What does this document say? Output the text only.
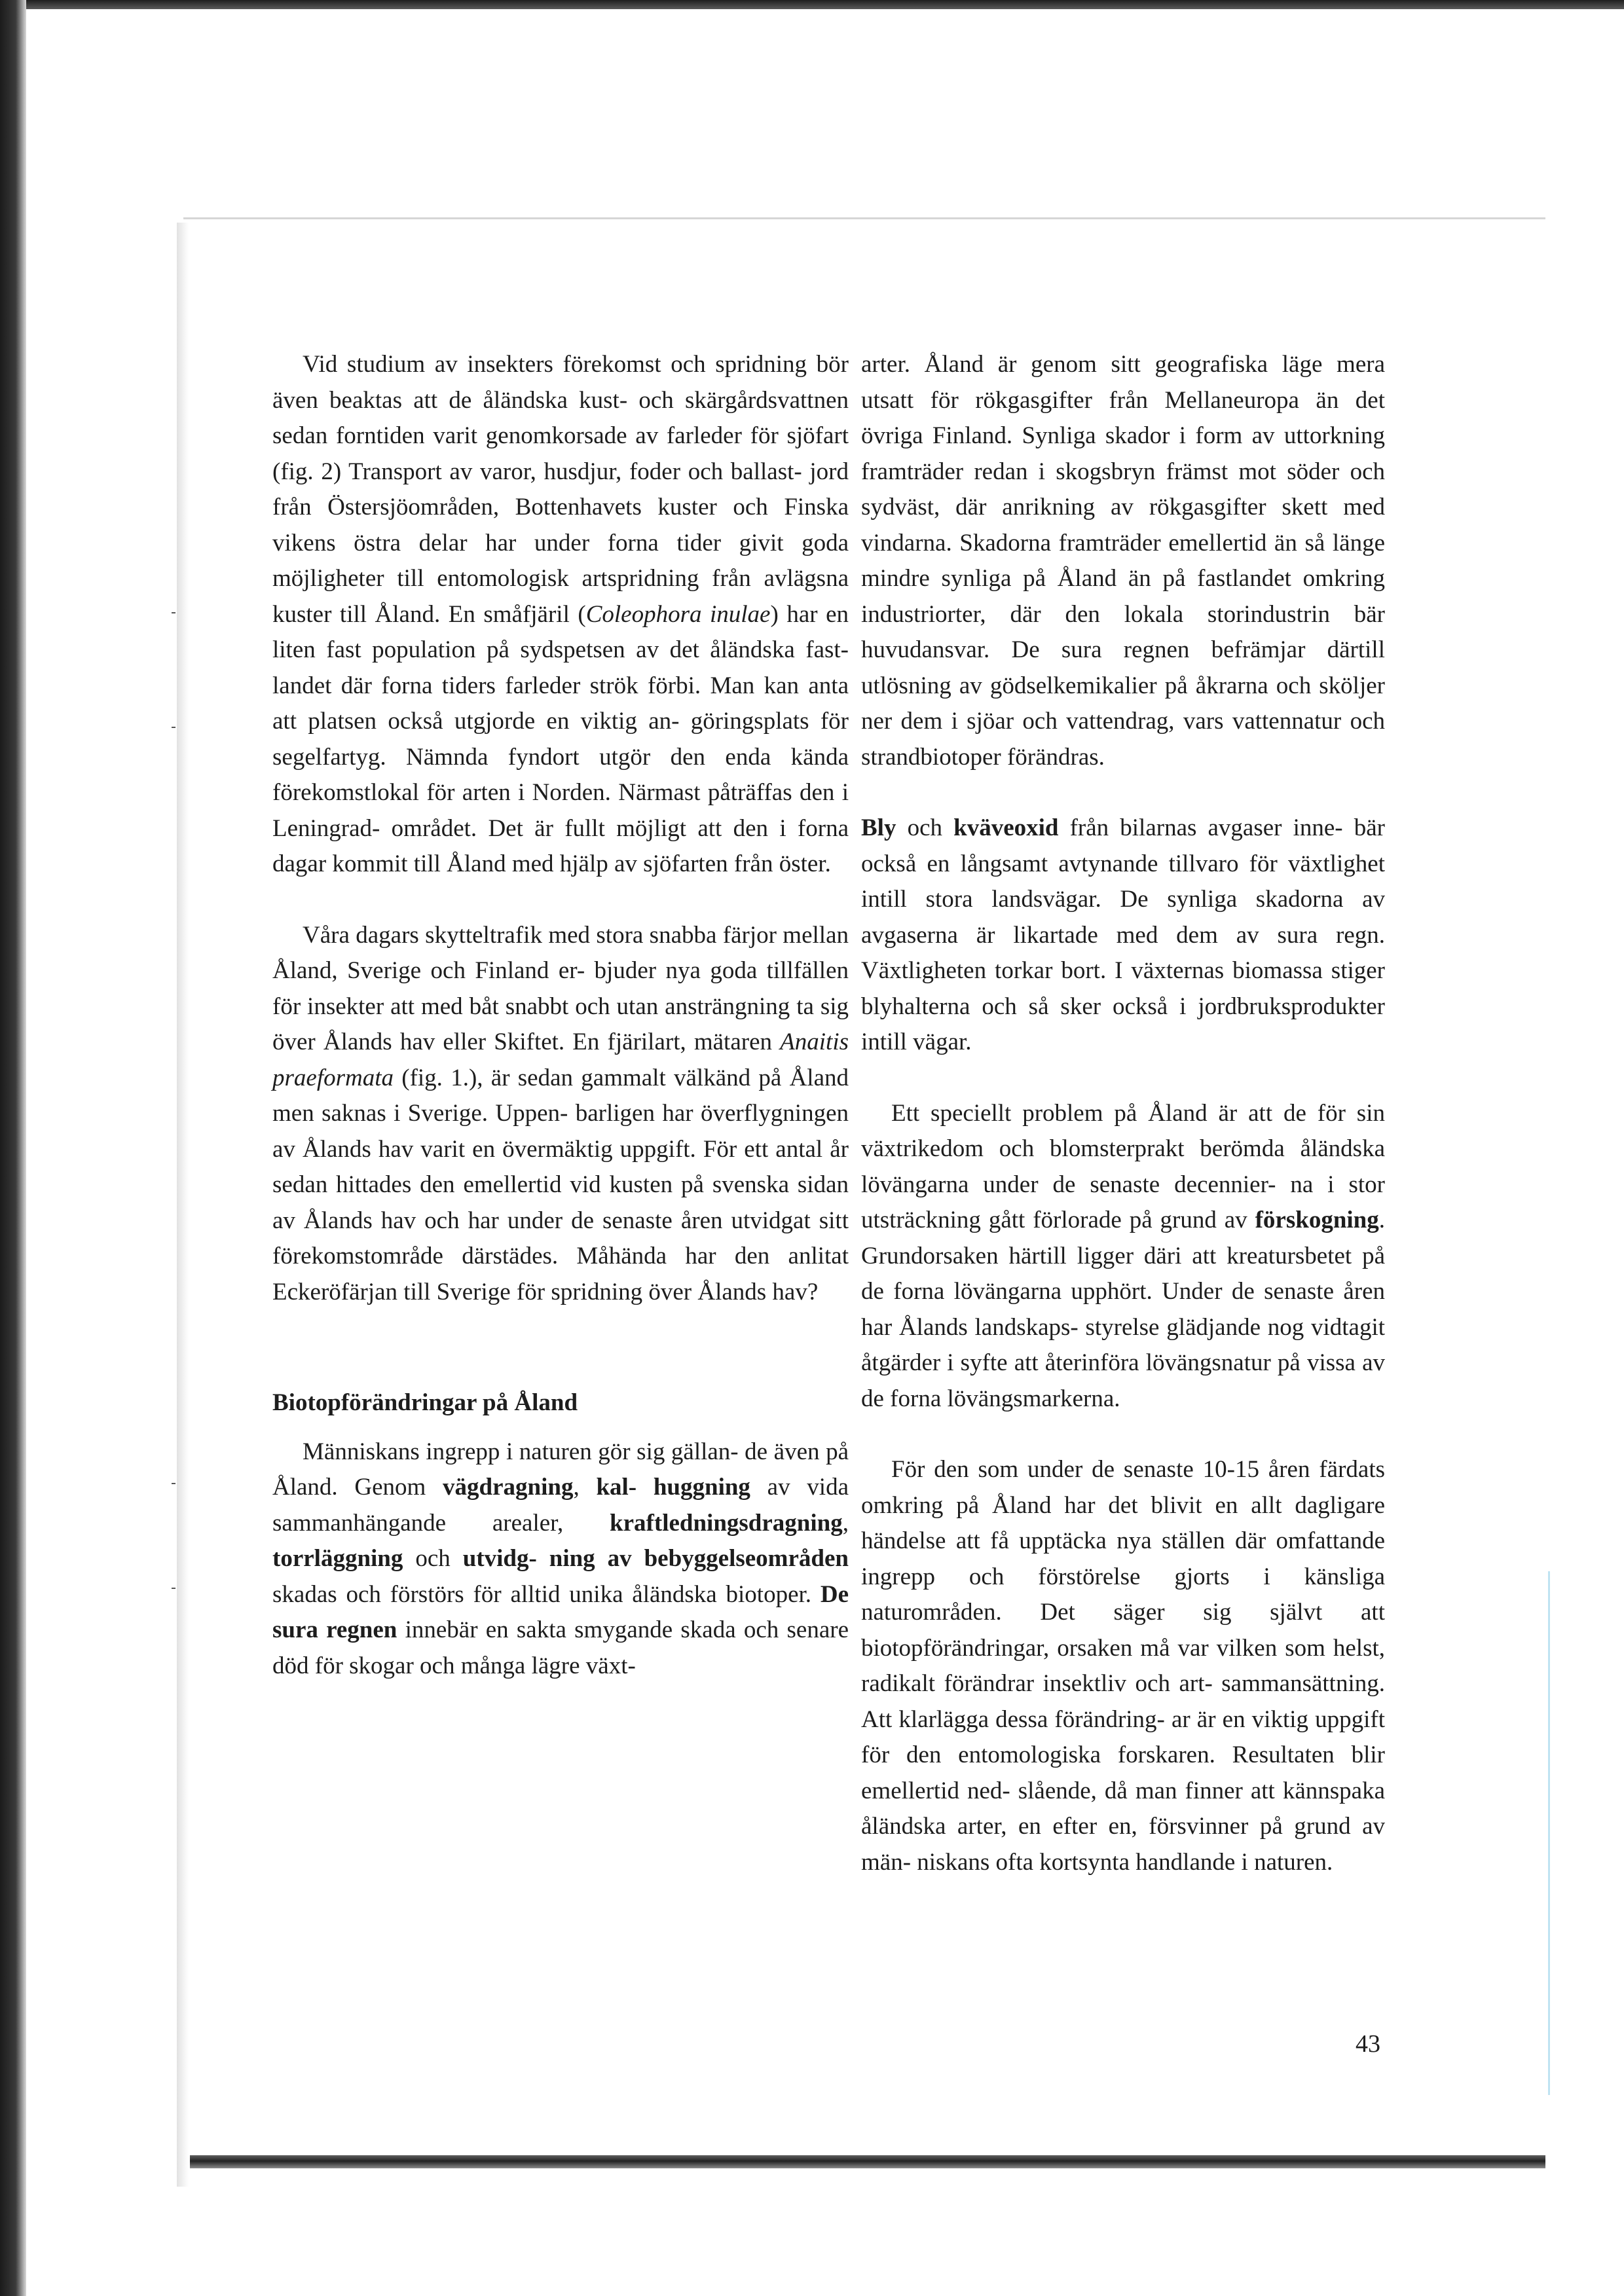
Vid studium av insekters förekomst och spridning bör även beaktas att de åländska kust- och skärgårdsvattnen sedan forntiden varit genomkorsade av farleder för sjöfart (fig. 2) Transport av varor, husdjur, foder och ballast- jord från Östersjöområden, Bottenhavets kuster och Finska vikens östra delar har under forna tider givit goda möjligheter till entomologisk artspridning från avlägsna kuster till Åland. En småfjäril (Coleophora inulae) har en liten fast population på sydspetsen av det åländska fast- landet där forna tiders farleder strök förbi. Man kan anta att platsen också utgjorde en viktig an- göringsplats för segelfartyg. Nämnda fyndort utgör den enda kända förekomstlokal för arten i Norden. Närmast påträffas den i Leningrad- området. Det är fullt möjligt att den i forna dagar kommit till Åland med hjälp av sjöfarten från öster.

Våra dagars skytteltrafik med stora snabba färjor mellan Åland, Sverige och Finland er- bjuder nya goda tillfällen för insekter att med båt snabbt och utan ansträngning ta sig över Ålands hav eller Skiftet. En fjärilart, mätaren Anaitis praeformata (fig. 1.), är sedan gammalt välkänd på Åland men saknas i Sverige. Uppen- barligen har överflygningen av Ålands hav varit en övermäktig uppgift. För ett antal år sedan hittades den emellertid vid kusten på svenska sidan av Ålands hav och har under de senaste åren utvidgat sitt förekomstområde därstädes. Måhända har den anlitat Eckeröfärjan till Sverige för spridning över Ålands hav?

Biotopförändringar på Åland

Människans ingrepp i naturen gör sig gällan- de även på Åland. Genom vägdragning, kal- huggning av vida sammanhängande arealer, kraftledningsdragning, torrläggning och utvidg- ning av bebyggelseområden skadas och förstörs för alltid unika åländska biotoper. De sura regnen innebär en sakta smygande skada och senare död för skogar och många lägre växt-

arter. Åland är genom sitt geografiska läge mera utsatt för rökgasgifter från Mellaneuropa än det övriga Finland. Synliga skador i form av uttorkning framträder redan i skogsbryn främst mot söder och sydväst, där anrikning av rökgasgifter skett med vindarna. Skadorna framträder emellertid än så länge mindre synliga på Åland än på fastlandet omkring industriorter, där den lokala storindustrin bär huvudansvar. De sura regnen befrämjar därtill utlösning av gödselkemikalier på åkrarna och sköljer ner dem i sjöar och vattendrag, vars vattennatur och strandbiotoper förändras.

Bly och kväveoxid från bilarnas avgaser inne- bär också en långsamt avtynande tillvaro för växtlighet intill stora landsvägar. De synliga skadorna av avgaserna är likartade med dem av sura regn. Växtligheten torkar bort. I växternas biomassa stiger blyhalterna och så sker också i jordbruksprodukter intill vägar.

Ett speciellt problem på Åland är att de för sin växtrikedom och blomsterprakt berömda åländska lövängarna under de senaste decennier- na i stor utsträckning gått förlorade på grund av förskogning. Grundorsaken härtill ligger däri att kreatursbetet på de forna lövängarna upphört. Under de senaste åren har Ålands landskaps- styrelse glädjande nog vidtagit åtgärder i syfte att återinföra lövängsnatur på vissa av de forna lövängsmarkerna.

För den som under de senaste 10-15 åren färdats omkring på Åland har det blivit en allt dagligare händelse att få upptäcka nya ställen där omfattande ingrepp och förstörelse gjorts i känsliga naturområden. Det säger sig självt att biotopförändringar, orsaken må var vilken som helst, radikalt förändrar insektliv och art- sammansättning. Att klarlägga dessa förändring- ar är en viktig uppgift för den entomologiska forskaren. Resultaten blir emellertid ned- slående, då man finner att kännspaka åländska arter, en efter en, försvinner på grund av män- niskans ofta kortsynta handlande i naturen.

43
